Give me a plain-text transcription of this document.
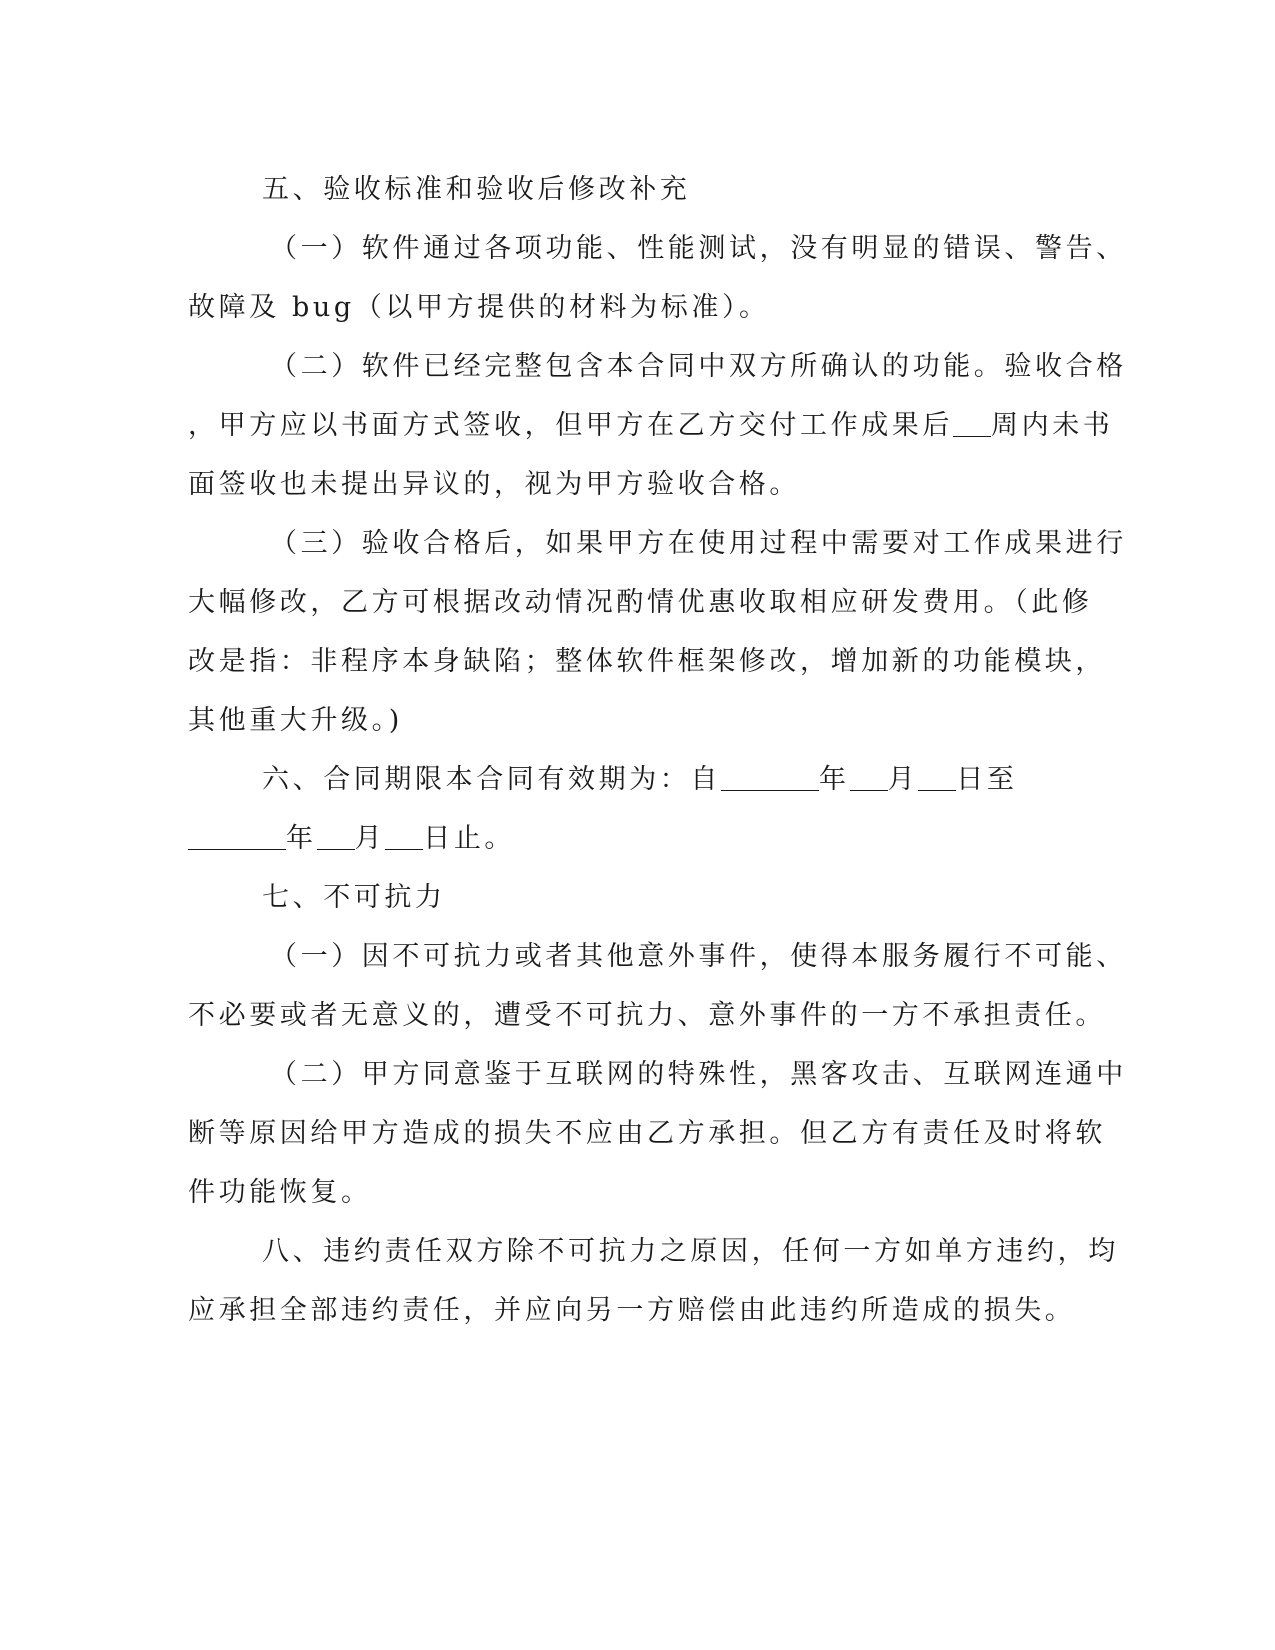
五、验收标准和验收后修改补充
（一）软件通过各项功能、性能测试，没有明显的错误、警告、
故障及 bug（以甲方提供的材料为标准）。
（二）软件已经完整包含本合同中双方所确认的功能。验收合格
，甲方应以书面方式签收，但甲方在乙方交付工作成果后 周内未书
面签收也未提出异议的，视为甲方验收合格。
（三）验收合格后，如果甲方在使用过程中需要对工作成果进行
大幅修改，乙方可根据改动情况酌情优惠收取相应研发费用。（此修
改是指：非程序本身缺陷；整体软件框架修改，增加新的功能模块，
其他重大升级。)
六、合同期限本合同有效期为：自	年 月 日至
年 月 日止。
七、不可抗力
（一）因不可抗力或者其他意外事件，使得本服务履行不可能、
不必要或者无意义的，遭受不可抗力、意外事件的一方不承担责任。
（二）甲方同意鉴于互联网的特殊性，黑客攻击、互联网连通中
断等原因给甲方造成的损失不应由乙方承担。但乙方有责任及时将软
件功能恢复。
八、违约责任双方除不可抗力之原因，任何一方如单方违约，均
应承担全部违约责任，并应向另一方赔偿由此违约所造成的损失。
